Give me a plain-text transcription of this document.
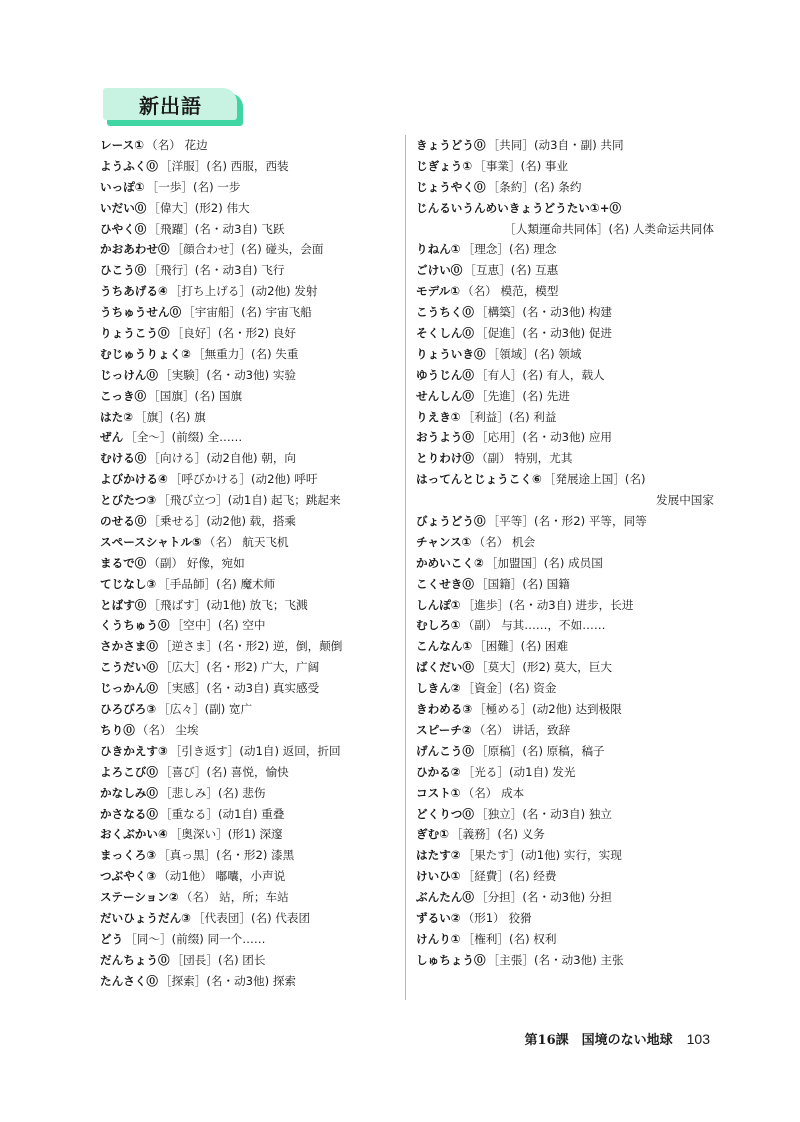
新出語
レース① （名） 花边
ようふく⓪ ［洋服］(名) 西服，西装
いっぽ① ［一歩］(名) 一步
いだい⓪ ［偉大］(形2) 伟大
ひやく⓪ ［飛躍］(名・动3自) 飞跃
かおあわせ⓪ ［顔合わせ］(名) 碰头，会面
ひこう⓪ ［飛行］(名・动3自) 飞行
うちあげる④ ［打ち上げる］(动2他) 发射
うちゅうせん⓪ ［宇宙船］(名) 宇宙飞船
りょうこう⓪ ［良好］(名・形2) 良好
むじゅうりょく② ［無重力］(名) 失重
じっけん⓪ ［実験］(名・动3他) 实验
こっき⓪ ［国旗］(名) 国旗
はた② ［旗］(名) 旗
ぜん ［全～］(前缀) 全……
むける⓪ ［向ける］(动2自他) 朝，向
よびかける④ ［呼びかける］(动2他) 呼吁
とびたつ③ ［飛び立つ］(动1自) 起飞；跳起来
のせる⓪ ［乗せる］(动2他) 载，搭乘
スペースシャトル⑤ （名） 航天飞机
まるで⓪ （副） 好像，宛如
てじなし③ ［手品師］(名) 魔术师
とばす⓪ ［飛ばす］(动1他) 放飞；飞溅
くうちゅう⓪ ［空中］(名) 空中
さかさま⓪ ［逆さま］(名・形2) 逆，倒，颠倒
こうだい⓪ ［広大］(名・形2) 广大，广阔
じっかん⓪ ［実感］(名・动3自) 真实感受
ひろびろ③ ［広々］(副) 宽广
ちり⓪ （名） 尘埃
ひきかえす③ ［引き返す］(动1自) 返回，折回
よろこび⓪ ［喜び］(名) 喜悦，愉快
かなしみ⓪ ［悲しみ］(名) 悲伤
かさなる⓪ ［重なる］(动1自) 重叠
おくぶかい④ ［奥深い］(形1) 深邃
まっくろ③ ［真っ黒］(名・形2) 漆黑
つぶやく③ （动1他） 嘟囔，小声说
ステーション② （名） 站，所；车站
だいひょうだん③ ［代表団］(名) 代表团
どう ［同～］(前缀) 同一个……
だんちょう⓪ ［団長］(名) 团长
たんさく⓪ ［探索］(名・动3他) 探索
きょうどう⓪ ［共同］(动3自・副) 共同
じぎょう① ［事業］(名) 事业
じょうやく⓪ ［条約］(名) 条约
じんるいうんめいきょうどうたい①+⓪
［人類運命共同体］(名) 人类命运共同体
りねん① ［理念］(名) 理念
ごけい⓪ ［互恵］(名) 互惠
モデル① （名） 模范，模型
こうちく⓪ ［構築］(名・动3他) 构建
そくしん⓪ ［促進］(名・动3他) 促进
りょういき⓪ ［領域］(名) 领域
ゆうじん⓪ ［有人］(名) 有人，载人
せんしん⓪ ［先進］(名) 先进
りえき① ［利益］(名) 利益
おうよう⓪ ［応用］(名・动3他) 应用
とりわけ⓪ （副） 特别，尤其
はってんとじょうこく⑥ ［発展途上国］(名)
发展中国家
びょうどう⓪ ［平等］(名・形2) 平等，同等
チャンス① （名） 机会
かめいこく② ［加盟国］(名) 成员国
こくせき⓪ ［国籍］(名) 国籍
しんぽ① ［進歩］(名・动3自) 进步，长进
むしろ① （副） 与其……，不如……
こんなん① ［困難］(名) 困难
ばくだい⓪ ［莫大］(形2) 莫大，巨大
しきん② ［資金］(名) 资金
きわめる③ ［極める］(动2他) 达到极限
スピーチ② （名） 讲话，致辞
げんこう⓪ ［原稿］(名) 原稿，稿子
ひかる② ［光る］(动1自) 发光
コスト① （名） 成本
どくりつ⓪ ［独立］(名・动3自) 独立
ぎむ① ［義務］(名) 义务
はたす② ［果たす］(动1他) 实行，实现
けいひ① ［経費］(名) 经费
ぶんたん⓪ ［分担］(名・动3他) 分担
ずるい② （形1） 狡猾
けんり① ［権利］(名) 权利
しゅちょう⓪ ［主張］(名・动3他) 主张
第16課　国境のない地球 103
